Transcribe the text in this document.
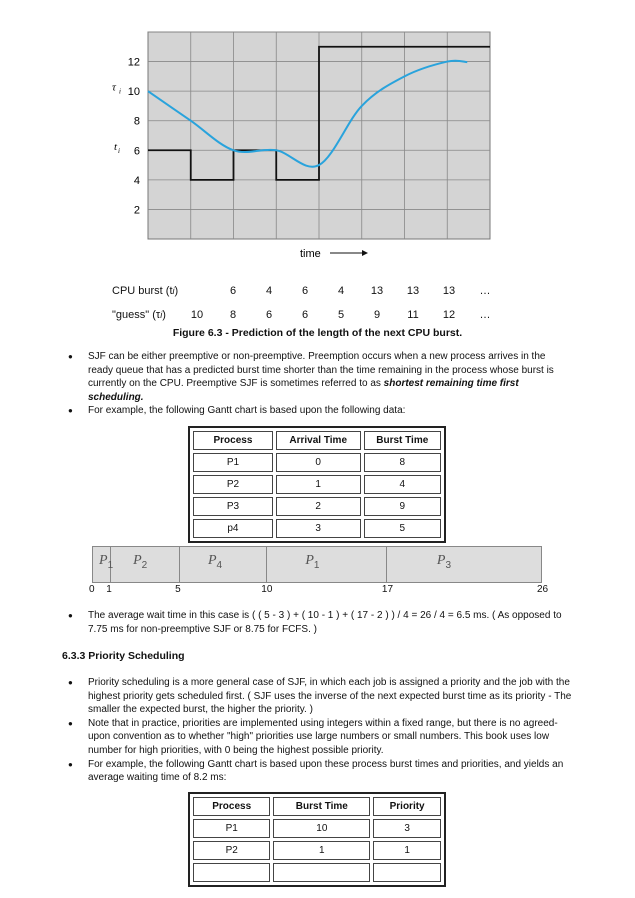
2
4
6
8
10
12
τ i
t i
time
CPU burst (ti)	6	4	6	4	13	13	13	…
"guess" (τi)	10	8	6	6	5	9	11	12	…
Figure 6.3 - Prediction of the length of the next CPU burst.
● SJF can be either preemptive or non-preemptive. Preemption occurs when a new process arrives in the ready queue that has a predicted burst time shorter than the time remaining in the process whose burst is currently on the CPU. Preemptive SJF is sometimes referred to as shortest remaining time first scheduling.
● For example, the following Gantt chart is based upon the following data:
Process	Arrival Time	Burst Time
P1	0	8
P2	1	4
P3	2	9
p4	3	5
$P_1$ $P_2$	$P_4$	$P_1$	$P_3$
0 1	5	10	17	26
● The average wait time in this case is ( ( 5 - 3 ) + ( 10 - 1 ) + ( 17 - 2 ) ) / 4 = 26 / 4 = 6.5 ms. ( As opposed to 7.75 ms for non-preemptive SJF or 8.75 for FCFS. )
6.3.3 Priority Scheduling
● Priority scheduling is a more general case of SJF, in which each job is assigned a priority and the job with the highest priority gets scheduled first. ( SJF uses the inverse of the next expected burst time as its priority - The smaller the expected burst, the higher the priority. )
● Note that in practice, priorities are implemented using integers within a fixed range, but there is no agreed-upon convention as to whether "high" priorities use large numbers or small numbers. This book uses low number for high priorities, with 0 being the highest possible priority.
● For example, the following Gantt chart is based upon these process burst times and priorities, and yields an average waiting time of 8.2 ms:
Process	Burst Time	Priority
P1	10	3
P2	1	1
